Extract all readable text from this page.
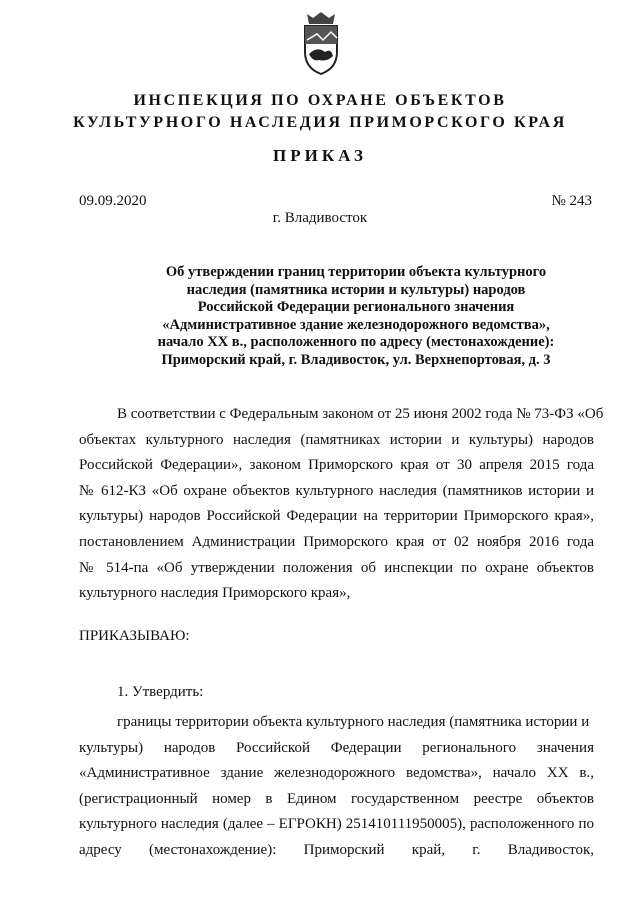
ИНСПЕКЦИЯ ПО ОХРАНЕ ОБЪЕКТОВ
КУЛЬТУРНОГО НАСЛЕДИЯ ПРИМОРСКОГО КРАЯ
ПРИКАЗ
09.09.2020	№ 243
г. Владивосток
Об утверждении границ территории объекта культурного
наследия (памятника истории и культуры) народов
Российской Федерации регионального значения
«Административное здание железнодорожного ведомства»,
начало XX в., расположенного по адресу (местонахождение):
Приморский край, г. Владивосток, ул. Верхнепортовая, д. 3
В соответствии с Федеральным законом от 25 июня 2002 года № 73-ФЗ «Об
объектах культурного наследия (памятниках истории и культуры) народов
Российской Федерации», законом Приморского края от 30 апреля 2015 года
№ 612-КЗ «Об охране объектов культурного наследия (памятников истории и
культуры) народов Российской Федерации на территории Приморского края»,
постановлением Администрации Приморского края от 02 ноября 2016 года
№ 514-па «Об утверждении положения об инспекции по охране объектов
культурного наследия Приморского края»,
ПРИКАЗЫВАЮ:
1. Утвердить:
границы территории объекта культурного наследия (памятника истории и
культуры) народов Российской Федерации регионального значения
«Административное здание железнодорожного ведомства», начало XX в.,
(регистрационный номер в Едином государственном реестре объектов
культурного наследия (далее – ЕГРОКН) 251410111950005), расположенного по
адресу (местонахождение): Приморский край, г. Владивосток,
